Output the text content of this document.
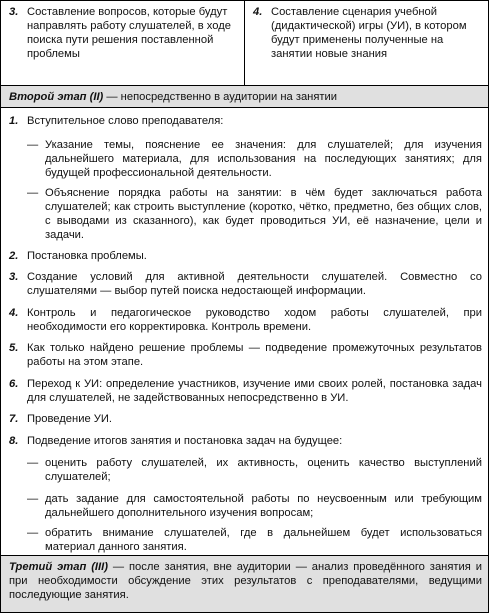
3. Составление вопросов, которые будут направлять работу слушателей, в ходе поиска пути решения поставленной проблемы
4. Составление сценария учебной (дидактической) игры (УИ), в котором будут применены полученные на занятии новые знания
Второй этап (II) — непосредственно в аудитории на занятии
1. Вступительное слово преподавателя:
— Указание темы, пояснение ее значения: для слушателей; для изучения дальнейшего материала, для использования на последующих занятиях; для будущей профессиональной деятельности.
— Объяснение порядка работы на занятии: в чём будет заключаться работа слушателей; как строить выступление (коротко, чётко, предметно, без общих слов, с выводами из сказанного), как будет проводиться УИ, её назначение, цели и задачи.
2. Постановка проблемы.
3. Создание условий для активной деятельности слушателей. Совместно со слушателями — выбор путей поиска недостающей информации.
4. Контроль и педагогическое руководство ходом работы слушателей, при необходимости его корректировка. Контроль времени.
5. Как только найдено решение проблемы — подведение промежуточных результатов работы на этом этапе.
6. Переход к УИ: определение участников, изучение ими своих ролей, постановка задач для слушателей, не задействованных непосредственно в УИ.
7. Проведение УИ.
8. Подведение итогов занятия и постановка задач на будущее:
— оценить работу слушателей, их активность, оценить качество выступлений слушателей;
— дать задание для самостоятельной работы по неусвоенным или требующим дальнейшего дополнительного изучения вопросам;
— обратить внимание слушателей, где в дальнейшем будет использоваться материал данного занятия.
Третий этап (III) — после занятия, вне аудитории — анализ проведённого занятия и при необходимости обсуждение этих результатов с преподавателями, ведущими последующие занятия.
